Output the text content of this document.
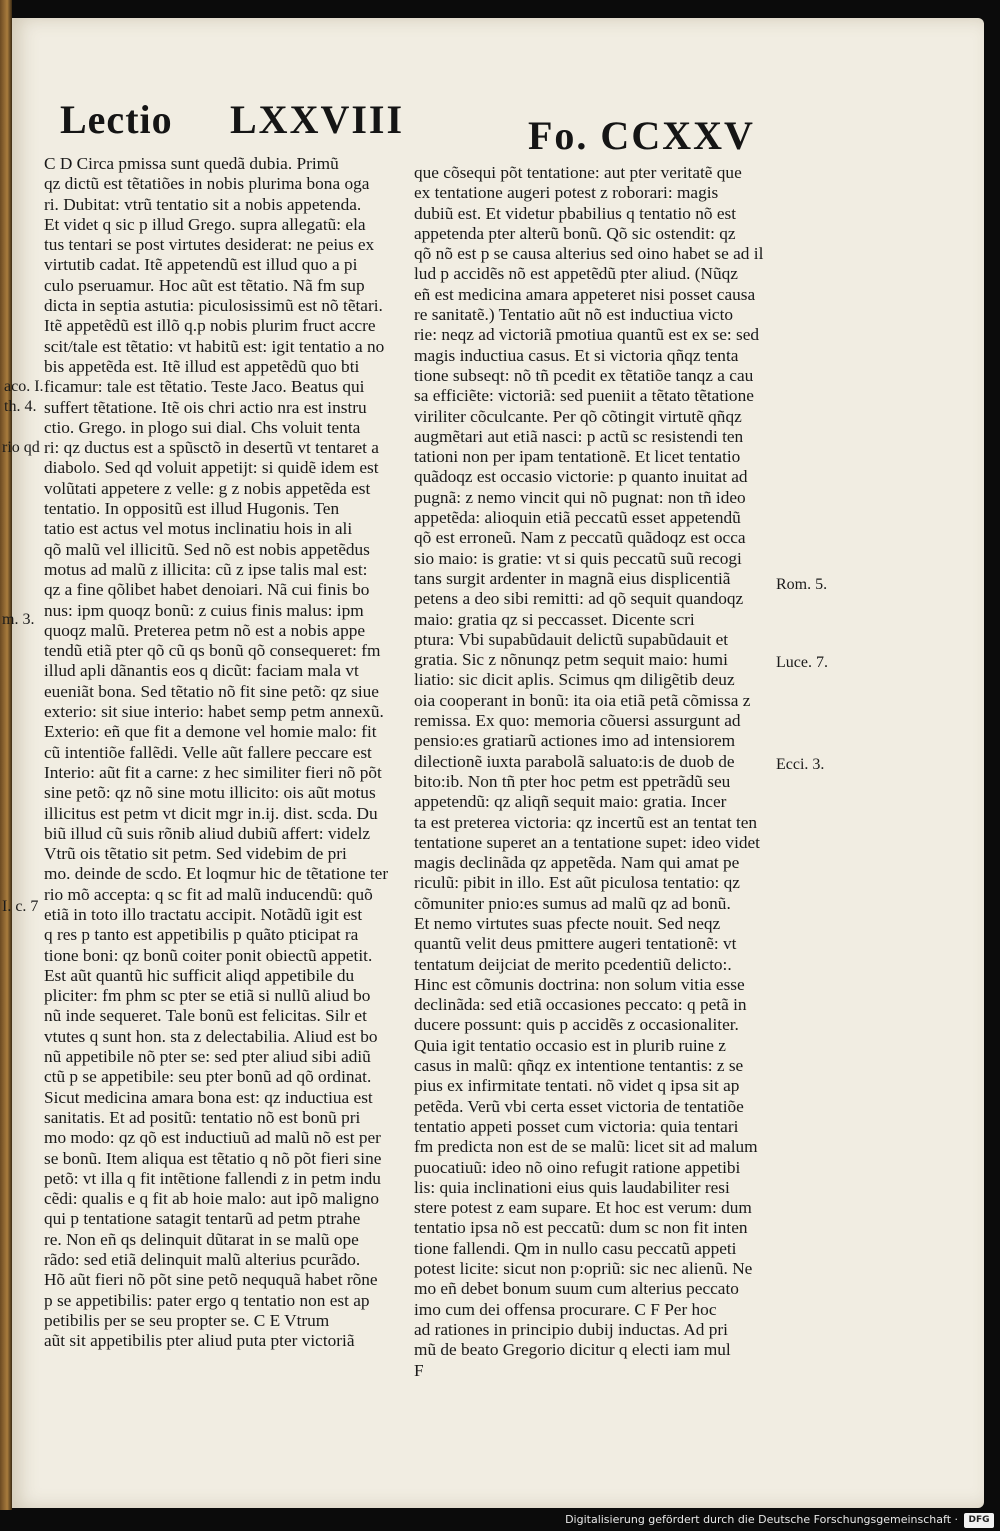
Lectio LXXVIII	Fo. CCXXV
C D Circa pmissa sunt quedã dubia. Primũ
qz dictũ est tẽtatiões in nobis plurima bona oga
ri. Dubitat: vtrũ tentatio sit a nobis appetenda.
Et videt q sic p illud Grego. supra allegatũ: ela
tus tentari se post virtutes desiderat: ne peius ex
virtutib cadat. Itẽ appetendũ est illud quo a pi
culo pseruamur. Hoc aũt est tẽtatio. Nã fm sup
dicta in septia astutia: piculosissimũ est nõ tẽtari.
Itẽ appetẽdũ est illõ q.p nobis plurim fruct accre
scit/tale est tẽtatio: vt habitũ est: igit tentatio a no
bis appetẽda est. Itẽ illud est appetẽdũ quo bti
ficamur: tale est tẽtatio. Teste Jaco. Beatus qui
suffert tẽtatione. Itẽ ois chri actio nra est instru
ctio. Grego. in plogo sui dial. Chs voluit tenta
ri: qz ductus est a spũsctõ in desertũ vt tentaret a
diabolo. Sed qd voluit appetijt: si quidẽ idem est
volũtati appetere z velle: g z nobis appetẽda est
tentatio. In oppositũ est illud Hugonis. Ten
tatio est actus vel motus inclinatiu hois in ali
qõ malũ vel illicitũ. Sed nõ est nobis appetẽdus
motus ad malũ z illicita: cũ z ipse talis mal est:
qz a fine qõlibet habet denoiari. Nã cui finis bo
nus: ipm quoqz bonũ: z cuius finis malus: ipm
quoqz malũ. Preterea petm nõ est a nobis appe
tendũ etiã pter qõ cũ qs bonũ qõ consequeret: fm
illud apli dãnantis eos q dicũt: faciam mala vt
eueniãt bona. Sed tẽtatio nõ fit sine petõ: qz siue
exterio: sit siue interio: habet semp petm annexũ.
Exterio: eñ que fit a demone vel homie malo: fit
cũ intentiõe fallẽdi. Velle aũt fallere peccare est
Interio: aũt fit a carne: z hec similiter fieri nõ põt
sine petõ: qz nõ sine motu illicito: ois aũt motus
illicitus est petm vt dicit mgr in.ij. dist. scda. Du
biũ illud cũ suis rõnib aliud dubiũ affert: videlz
Vtrũ ois tẽtatio sit petm. Sed videbim de pri
mo. deinde de scdo. Et loqmur hic de tẽtatione ter
rio mõ accepta: q sc fit ad malũ inducendũ: quõ
etiã in toto illo tractatu accipit. Notãdũ igit est
q res p tanto est appetibilis p quãto pticipat ra
tione boni: qz bonũ coiter ponit obiectũ appetit.
Est aũt quantũ hic sufficit aliqd appetibile du
pliciter: fm phm sc pter se etiã si nullũ aliud bo
nũ inde sequeret. Tale bonũ est felicitas. Silr et
vtutes q sunt hon. sta z delectabilia. Aliud est bo
nũ appetibile nõ pter se: sed pter aliud sibi adiũ
ctũ p se appetibile: seu pter bonũ ad qõ ordinat.
Sicut medicina amara bona est: qz inductiua est
sanitatis. Et ad positũ: tentatio nõ est bonũ pri
mo modo: qz qõ est inductiuũ ad malũ nõ est per
se bonũ. Item aliqua est tẽtatio q nõ põt fieri sine
petõ: vt illa q fit intẽtione fallendi z in petm indu
cẽdi: qualis e q fit ab hoie malo: aut ipõ maligno
qui p tentatione satagit tentarũ ad petm ptrahe
re. Non eñ qs delinquit dũtarat in se malũ ope
rãdo: sed etiã delinquit malũ alterius pcurãdo.
Hõ aũt fieri nõ põt sine petõ neququã habet rõne
p se appetibilis: pater ergo q tentatio non est ap
petibilis per se seu propter se. C E Vtrum
aũt sit appetibilis pter aliud puta pter victoriã
que cõsequi põt tentatione: aut pter veritatẽ que
ex tentatione augeri potest z roborari: magis
dubiũ est. Et videtur pbabilius q tentatio nõ est
appetenda pter alterũ bonũ. Qõ sic ostendit: qz
qõ nõ est p se causa alterius sed oino habet se ad il
lud p accidẽs nõ est appetẽdũ pter aliud. (Nũqz
eñ est medicina amara appeteret nisi posset causa
re sanitatẽ.) Tentatio aũt nõ est inductiua victo
rie: neqz ad victoriã pmotiua quantũ est ex se: sed
magis inductiua casus. Et si victoria qñqz tenta
tione subseqt: nõ tñ pcedit ex tẽtatiõe tanqz a cau
sa efficiẽte: victoriã: sed pueniit a tẽtato tẽtatione
viriliter cõculcante. Per qõ cõtingit virtutẽ qñqz
augmẽtari aut etiã nasci: p actũ sc resistendi ten
tationi non per ipam tentationẽ. Et licet tentatio
quãdoqz est occasio victorie: p quanto inuitat ad
pugnã: z nemo vincit qui nõ pugnat: non tñ ideo
appetẽda: alioquin etiã peccatũ esset appetendũ
qõ est erroneũ. Nam z peccatũ quãdoqz est occa
sio maio: is gratie: vt si quis peccatũ suũ recogi
tans surgit ardenter in magnã eius displicentiã
petens a deo sibi remitti: ad qõ sequit quandoqz
maio: gratia qz si peccasset. Dicente scri
ptura: Vbi supabũdauit delictũ supabũdauit et
gratia. Sic z nõnunqz petm sequit maio: humi
liatio: sic dicit aplis. Scimus qm diligẽtib deuz
oia cooperant in bonũ: ita oia etiã petã cõmissa z
remissa. Ex quo: memoria cõuersi assurgunt ad
pensio:es gratiarũ actiones imo ad intensiorem
dilectionẽ iuxta parabolã saluato:is de duob de
bito:ib. Non tñ pter hoc petm est ppetrãdũ seu
appetendũ: qz aliqñ sequit maio: gratia. Incer
ta est preterea victoria: qz incertũ est an tentat ten
tentatione superet an a tentatione supet: ideo videt
magis declinãda qz appetẽda. Nam qui amat pe
riculũ: pibit in illo. Est aũt piculosa tentatio: qz
cõmuniter pnio:es sumus ad malũ qz ad bonũ.
Et nemo virtutes suas pfecte nouit. Sed neqz
quantũ velit deus pmittere augeri tentationẽ: vt
tentatum deijciat de merito pcedentiũ delicto:.
Hinc est cõmunis doctrina: non solum vitia esse
declinãda: sed etiã occasiones peccato: q petã in
ducere possunt: quis p accidẽs z occasionaliter.
Quia igit tentatio occasio est in plurib ruine z
casus in malũ: qñqz ex intentione tentantis: z se
pius ex infirmitate tentati. nõ videt q ipsa sit ap
petẽda. Verũ vbi certa esset victoria de tentatiõe
tentatio appeti posset cum victoria: quia tentari
fm predicta non est de se malũ: licet sit ad malum
puocatiuũ: ideo nõ oino refugit ratione appetibi
lis: quia inclinationi eius quis laudabiliter resi
stere potest z eam supare. Et hoc est verum: dum
tentatio ipsa nõ est peccatũ: dum sc non fit inten
tione fallendi. Qm in nullo casu peccatũ appeti
potest licite: sicut non p:opriũ: sic nec alienũ. Ne
mo eñ debet bonum suum cum alterius peccato
imo cum dei offensa procurare. C F Per hoc
ad rationes in principio dubij inductas. Ad pri
mũ de beato Gregorio dicitur q electi iam mul
F
aco. I.
th. 4.
rio qd
m. 3.
I. c. 7
Rom. 5.
Luce. 7.
Ecci. 3.
Digitalisierung gefördert durch die Deutsche Forschungsgemeinschaft ·	DFG
